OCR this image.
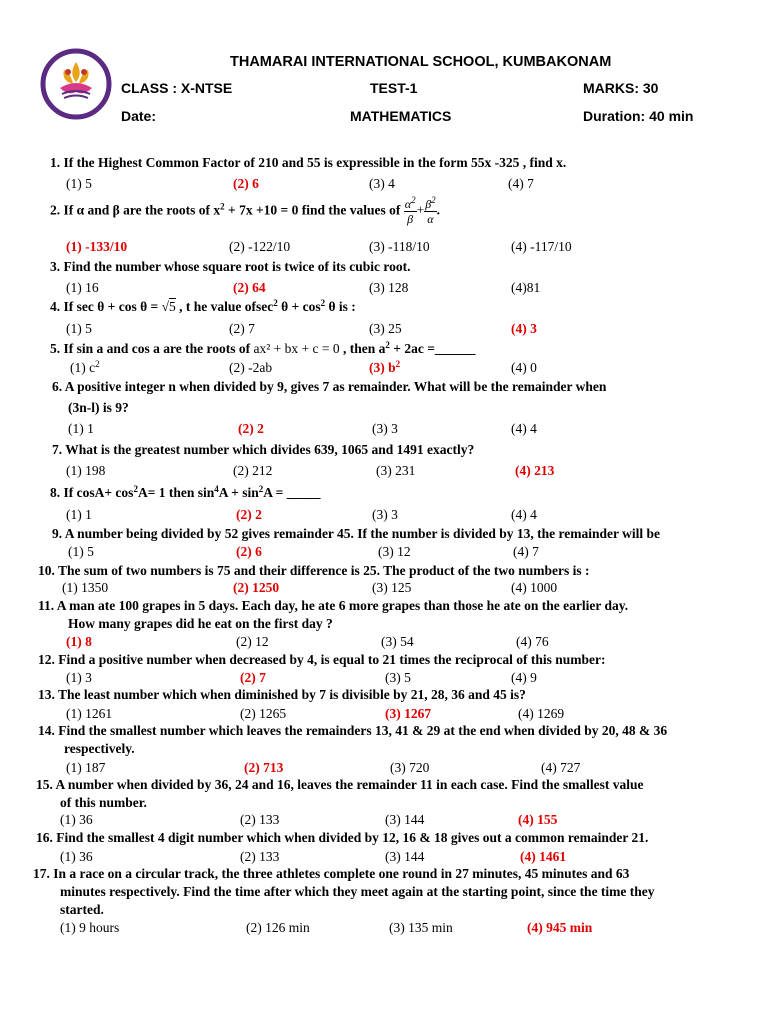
THAMARAI INTERNATIONAL SCHOOL, KUMBAKONAM
CLASS : X-NTSE	TEST-1	MARKS: 30
Date:	MATHEMATICS	Duration: 40 min
1. If the Highest Common Factor of 210 and 55 is expressible in the form 55x -325 , find x.
(1) 5	(2) 6	(3) 4	(4) 7
2. If α and β are the roots of $x^2 + 7x +10 = 0$ find the values of $\frac{\alpha^2}{\beta} + \frac{\beta^2}{\alpha}$ .
(1) -133/10	(2) -122/10	(3) -118/10	(4) -117/10
3. Find the number whose square root is twice of its cubic root.
(1) 16	(2) 64	(3) 128	(4)81
4. If sec θ + cos θ = √5 , t he value ofsec$^2$ $\theta + \cos^2 \theta$ is :
(1) 5	(2) 7	(3) 25	(4) 3
5. If sin a and cos a are the roots of ax² + bx + c = 0 , then $a^2 + 2ac$ =______
(1) $c^2$	(2) -2ab	(3) $b^2$	(4) 0
6. A positive integer n when divided by 9, gives 7 as remainder. What will be the remainder when
(3n-l) is 9?
(1) 1	(2) 2	(3) 3	(4) 4
7. What is the greatest number which divides 639, 1065 and 1491 exactly?
(1) 198	(2) 212	(3) 231	(4) 213
8. If $\cos A+ \cos^2A= 1$ then $\sin^4A + \sin^2A$ = _____
(1) 1	(2) 2	(3) 3	(4) 4
9. A number being divided by 52 gives remainder 45. If the number is divided by 13, the remainder will be
(1) 5	(2) 6	(3) 12	(4) 7
10. The sum of two numbers is 75 and their difference is 25. The product of the two numbers is :
(1) 1350	(2) 1250	(3) 125	(4) 1000
11. A man ate 100 grapes in 5 days. Each day, he ate 6 more grapes than those he ate on the earlier day.
How many grapes did he eat on the first day ?
(1) 8	(2) 12	(3) 54	(4) 76
12. Find a positive number when decreased by 4, is equal to 21 times the reciprocal of this number:
(1) 3	(2) 7	(3) 5	(4) 9
13. The least number which when diminished by 7 is divisible by 21, 28, 36 and 45 is?
(1) 1261	(2) 1265	(3) 1267	(4) 1269
14. Find the smallest number which leaves the remainders 13, 41 & 29 at the end when divided by 20, 48 & 36
respectively.
(1) 187	(2) 713	(3) 720	(4) 727
15. A number when divided by 36, 24 and 16, leaves the remainder 11 in each case. Find the smallest value
of this number.
(1) 36	(2) 133	(3) 144	(4) 155
16. Find the smallest 4 digit number which when divided by 12, 16 & 18 gives out a common remainder 21.
(1) 36	(2) 133	(3) 144	(4) 1461
17. In a race on a circular track, the three athletes complete one round in 27 minutes, 45 minutes and 63
minutes respectively. Find the time after which they meet again at the starting point, since the time they
started.
(1) 9 hours	(2) 126 min	(3) 135 min	(4) 945 min
